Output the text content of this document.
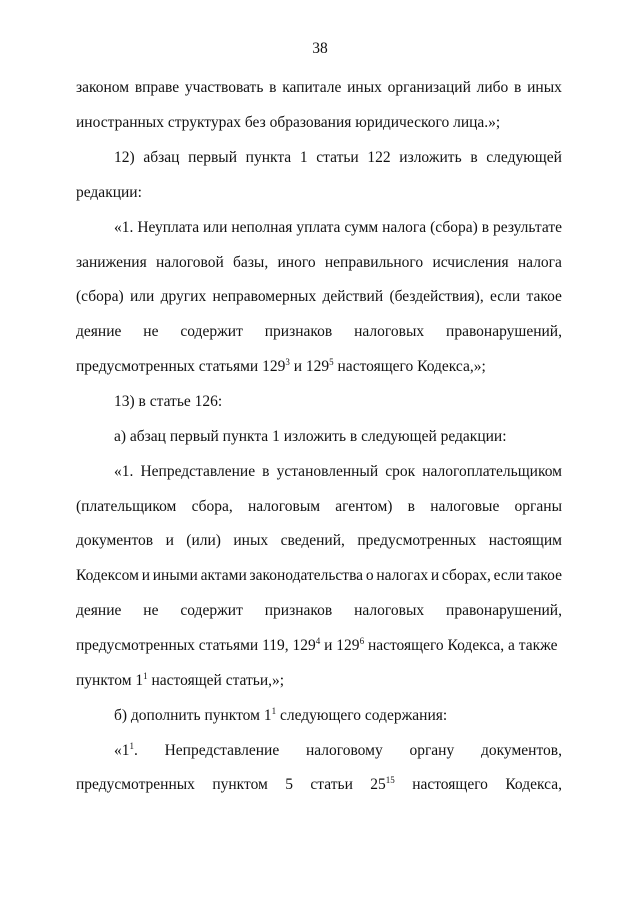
38
законом вправе участвовать в капитале иных организаций либо в иных
иностранных структурах без образования юридического лица.»;
12) абзац первый пункта 1 статьи 122 изложить в следующей
редакции:
«1. Неуплата или неполная уплата сумм налога (сбора) в результате
занижения налоговой базы, иного неправильного исчисления налога
(сбора) или других неправомерных действий (бездействия), если такое
деяние не содержит признаков налоговых правонарушений,
предусмотренных статьями $129^3$ и $129^5$ настоящего Кодекса,»;
13) в статье 126:
а) абзац первый пункта 1 изложить в следующей редакции:
«1. Непредставление в установленный срок налогоплательщиком
(плательщиком сбора, налоговым агентом) в налоговые органы
документов и (или) иных сведений, предусмотренных настоящим
Кодексом и иными актами законодательства о налогах и сборах, если такое
деяние не содержит признаков налоговых правонарушений,
предусмотренных статьями 119, $129^4$ и $129^6$ настоящего Кодекса, а также
пунктом $1^1$ настоящей статьи,»;
б) дополнить пунктом $1^1$ следующего содержания:
«$1^1$. Непредставление налоговому органу документов,
предусмотренных пунктом 5 статьи $25^{15}$ настоящего Кодекса,
